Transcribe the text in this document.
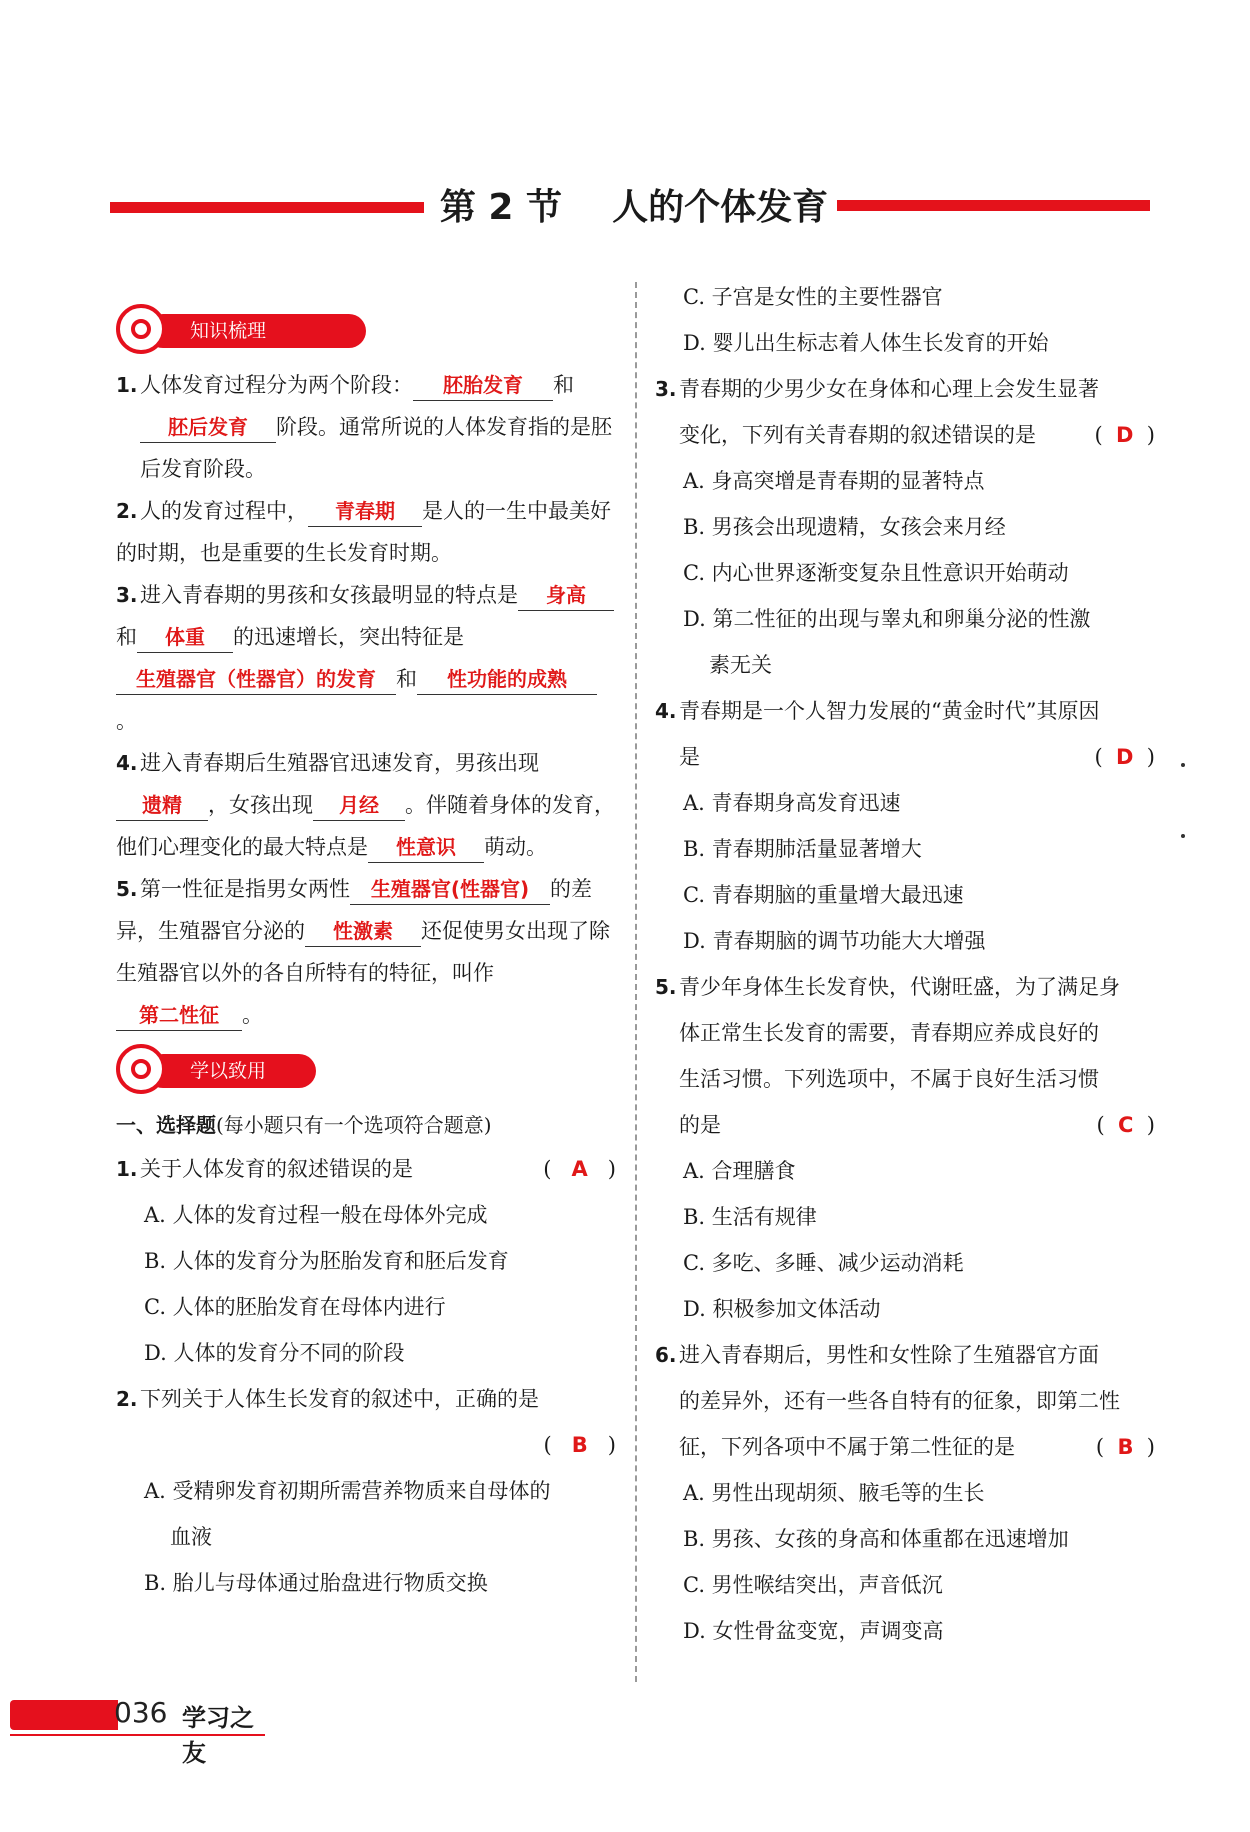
第 2 节    人的个体发育
知识梳理

1. 人体发育过程分为两个阶段： 胚胎发育 和

胚后发育 阶段。通常所说的人体发育指的是胚后发育阶段。

2. 人的发育过程中， 青春期 是人的一生中最美好的时期，也是重要的生长发育时期。

3. 进入青春期的男孩和女孩最明显的特点是 身高和 体重 的迅速增长，突出特征是生殖器官（性器官）的发育 和 性功能的成熟。

4. 进入青春期后生殖器官迅速发育，男孩出现遗精 ，女孩出现 月经 。伴随着身体的发育，他们心理变化的最大特点是 性意识 萌动。

5. 第一性征是指男女两性 生殖器官(性器官) 的差异，生殖器官分泌的 性激素 还促使男女出现了除生殖器官以外的各自所特有的特征，叫作第二性征 。

学以致用

一、选择题(每小题只有一个选项符合题意)

1. 关于人体发育的叙述错误的是	(   A   )

A. 人体的发育过程一般在母体外完成

B. 人体的发育分为胚胎发育和胚后发育

C. 人体的胚胎发育在母体内进行

D. 人体的发育分不同的阶段

2. 下列关于人体生长发育的叙述中，正确的是

(   B   )

A. 受精卵发育初期所需营养物质来自母体的

血液

B. 胎儿与母体通过胎盘进行物质交换

C. 子宫是女性的主要性器官

D. 婴儿出生标志着人体生长发育的开始

3. 青春期的少男少女在身体和心理上会发生显著

变化，下列有关青春期的叙述错误的是	(  D  )

A. 身高突增是青春期的显著特点

B. 男孩会出现遗精，女孩会来月经

C. 内心世界逐渐变复杂且性意识开始萌动

D. 第二性征的出现与睾丸和卵巢分泌的性激

素无关

4. 青春期是一个人智力发展的“黄金时代”其原因

是	(  D  )

A. 青春期身高发育迅速

B. 青春期肺活量显著增大

C. 青春期脑的重量增大最迅速

D. 青春期脑的调节功能大大增强

5. 青少年身体生长发育快，代谢旺盛，为了满足身

体正常生长发育的需要，青春期应养成良好的

生活习惯。下列选项中，不属于良好生活习惯

的是	(  C  )

A. 合理膳食

B. 生活有规律

C. 多吃、多睡、减少运动消耗

D. 积极参加文体活动

6. 进入青春期后，男性和女性除了生殖器官方面

的差异外，还有一些各自特有的征象，即第二性

征，下列各项中不属于第二性征的是	(  B  )

A. 男性出现胡须、腋毛等的生长

B. 男孩、女孩的身高和体重都在迅速增加

C. 男性喉结突出，声音低沉

D. 女性骨盆变宽，声调变高

036 学习之友
